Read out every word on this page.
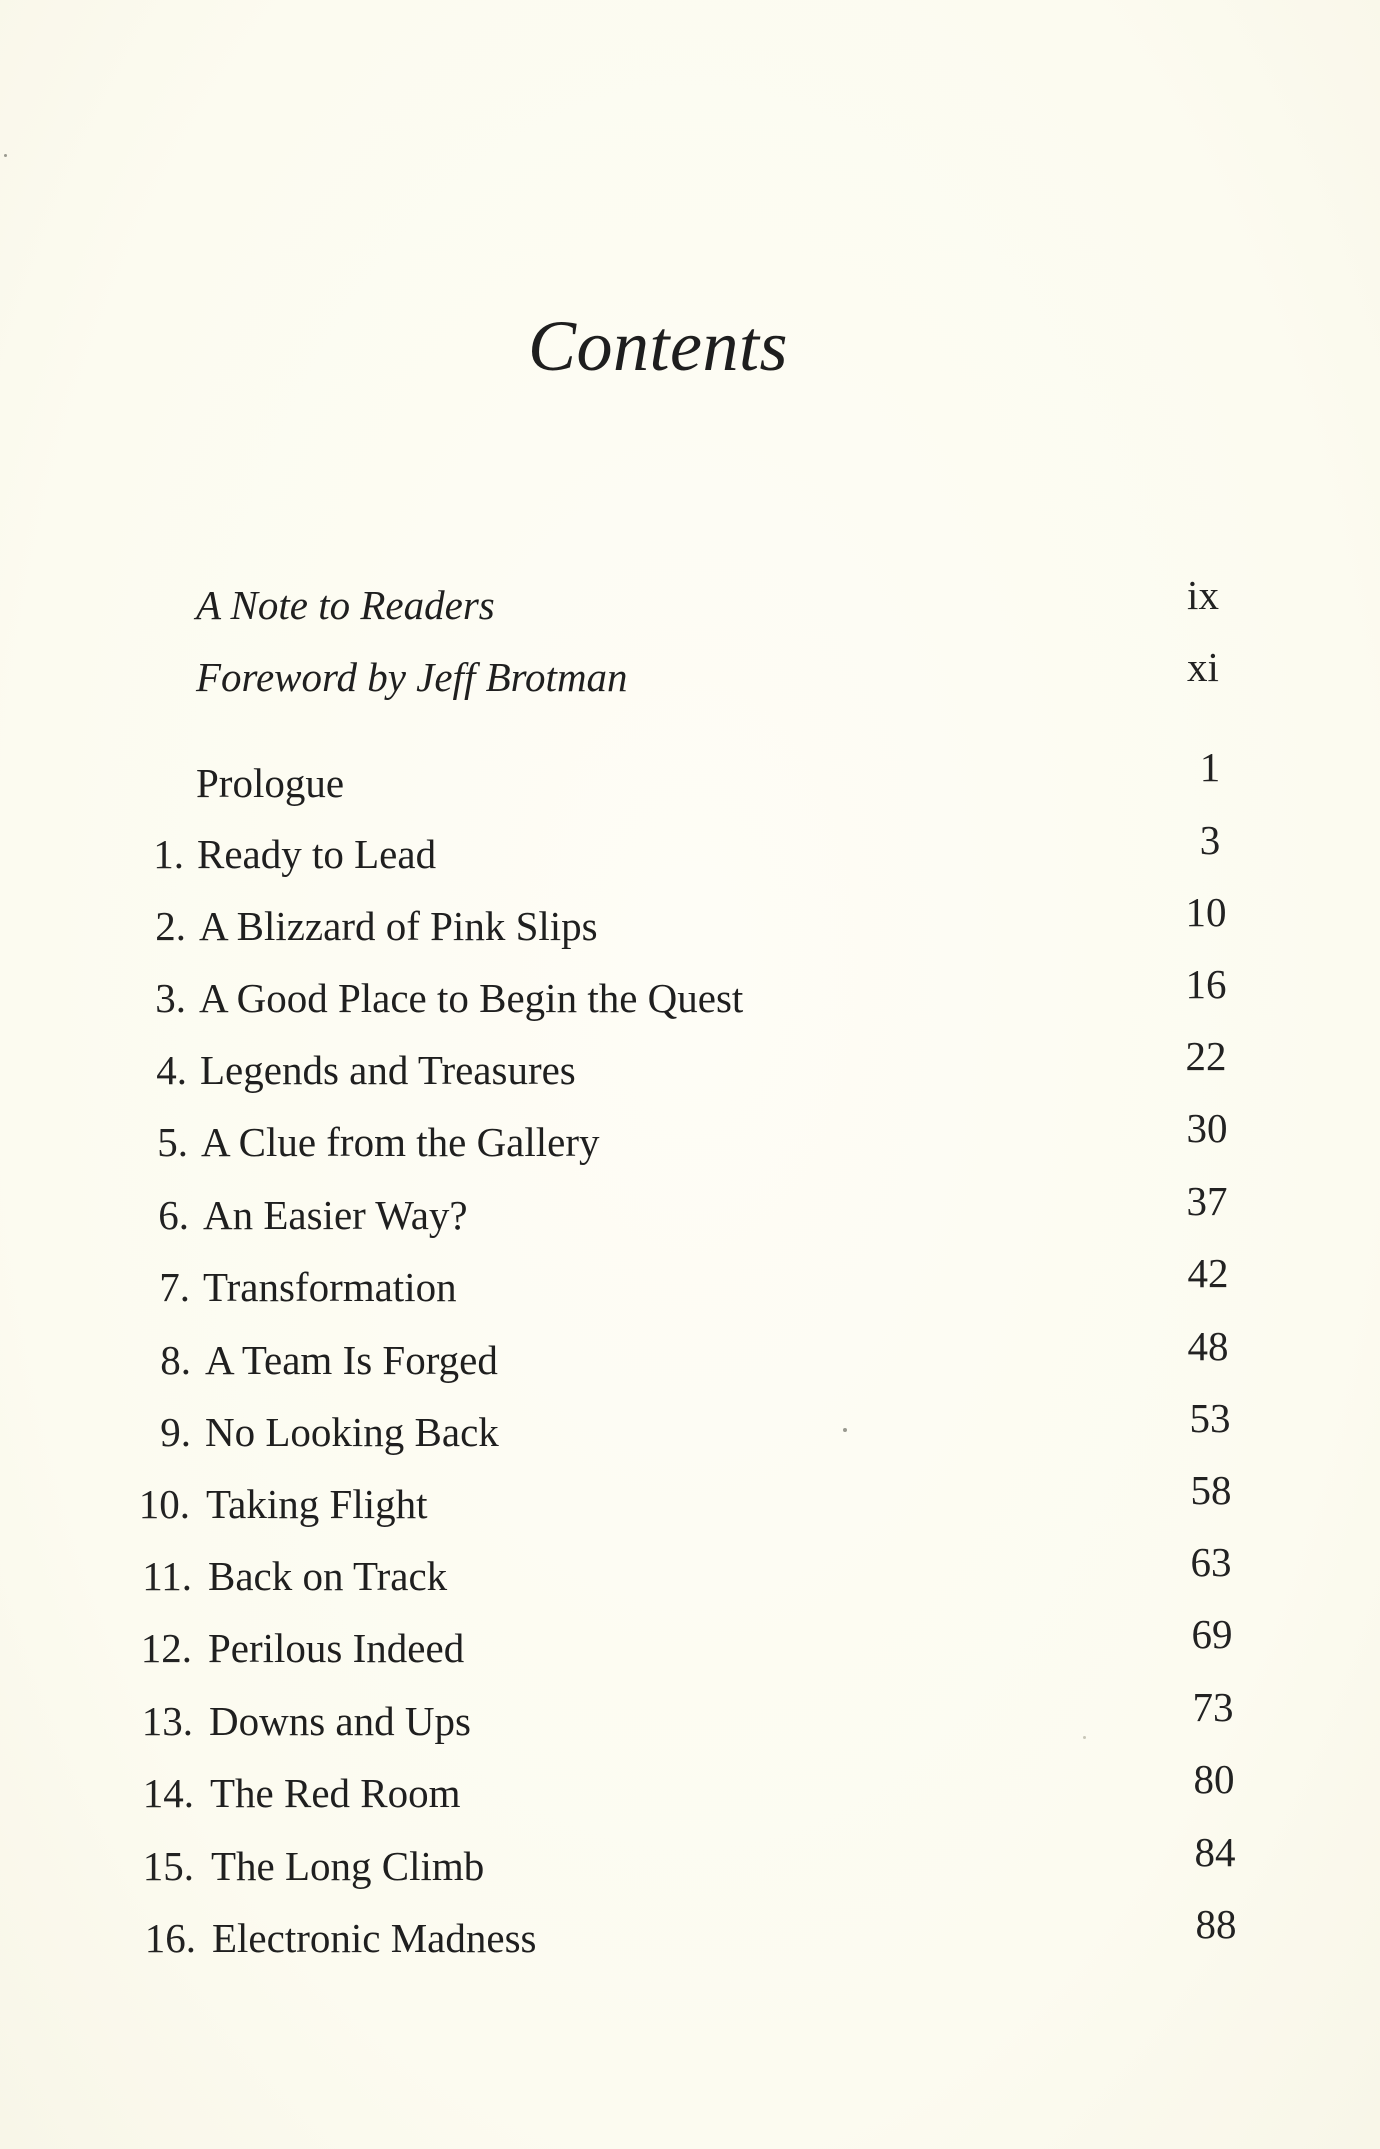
Contents
A Note to Readers	ix
Foreword by Jeff Brotman	xi
Prologue	1
1. Ready to Lead	3
2. A Blizzard of Pink Slips	10
3. A Good Place to Begin the Quest	16
4. Legends and Treasures	22
5. A Clue from the Gallery	30
6. An Easier Way?	37
7. Transformation	42
8. A Team Is Forged	48
9. No Looking Back	53
10. Taking Flight	58
11. Back on Track	63
12. Perilous Indeed	69
13. Downs and Ups	73
14. The Red Room	80
15. The Long Climb	84
16. Electronic Madness	88
